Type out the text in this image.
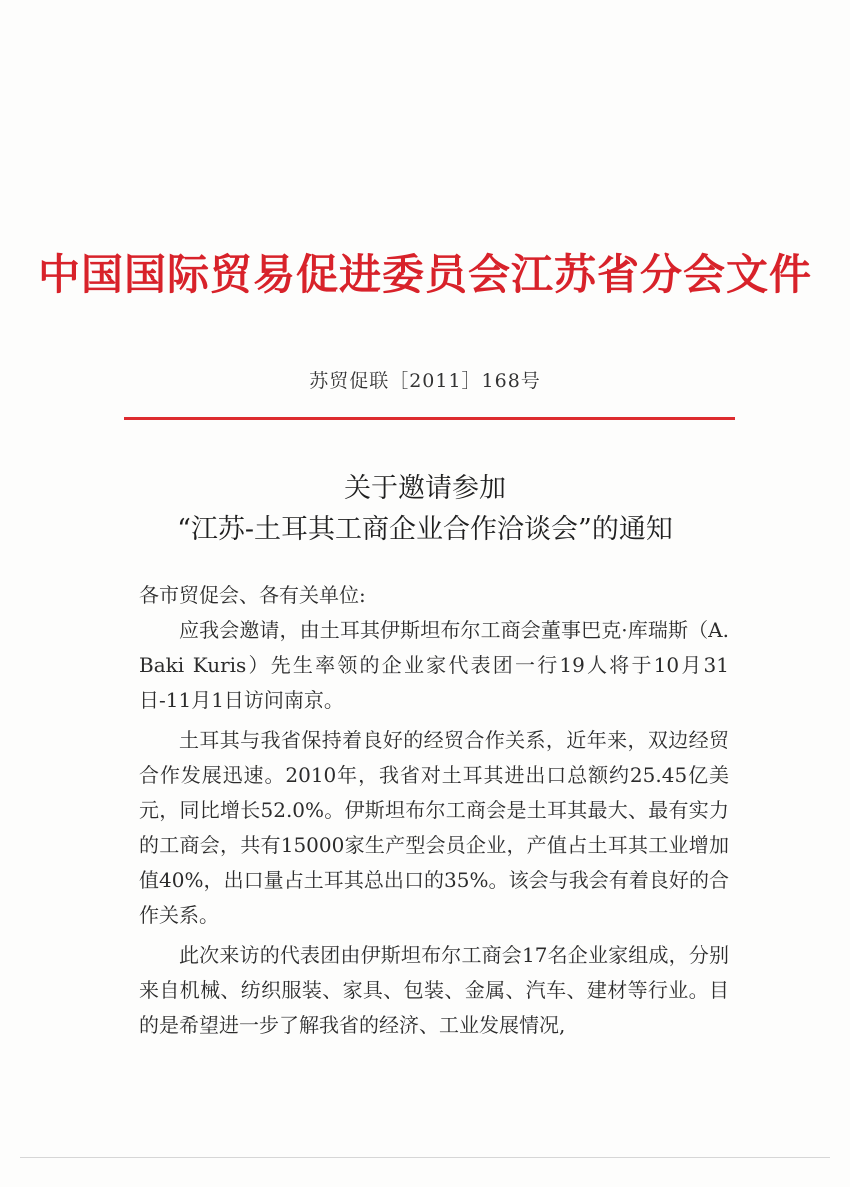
中国国际贸易促进委员会江苏省分会文件
苏贸促联［2011］168号
关于邀请参加
“江苏-土耳其工商企业合作洽谈会”的通知
各市贸促会、各有关单位:

应我会邀请，由土耳其伊斯坦布尔工商会董事巴克·库瑞斯（A. Baki Kuris）先生率领的企业家代表团一行19人将于10月31日-11月1日访问南京。

土耳其与我省保持着良好的经贸合作关系，近年来，双边经贸合作发展迅速。2010年，我省对土耳其进出口总额约25.45亿美元，同比增长52.0%。伊斯坦布尔工商会是土耳其最大、最有实力的工商会，共有15000家生产型会员企业，产值占土耳其工业增加值40%，出口量占土耳其总出口的35%。该会与我会有着良好的合作关系。

此次来访的代表团由伊斯坦布尔工商会17名企业家组成，分别来自机械、纺织服装、家具、包装、金属、汽车、建材等行业。目的是希望进一步了解我省的经济、工业发展情况,
